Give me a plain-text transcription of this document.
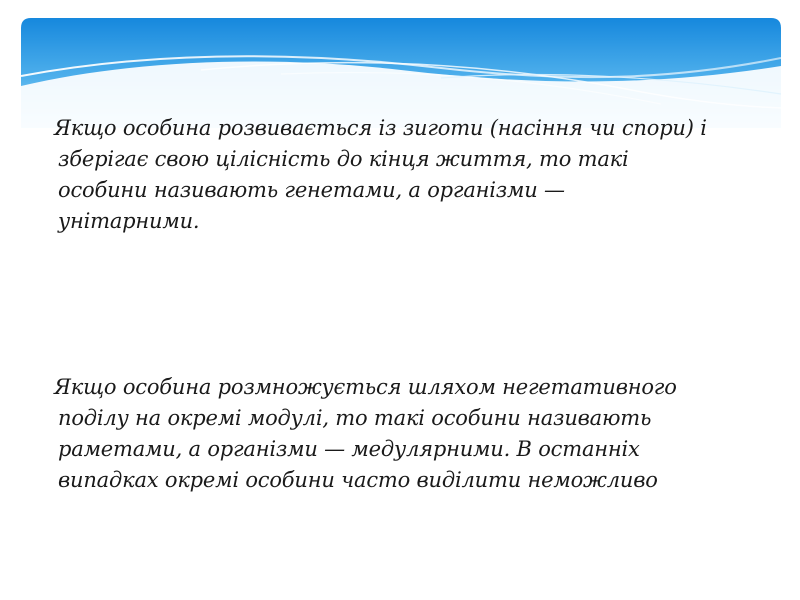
Якщо особина розвивається із зиготи (насіння чи спори) і
зберігає свою цілісність до кінця життя, то такі
особини називають генетами, а організми —
унітарними.

Якщо особина розмножується шляхом негетативного
поділу на окремі модулі, то такі особини називають
раметами, а організми — медулярними. В останніх
випадках окремі особини часто виділити неможливо
